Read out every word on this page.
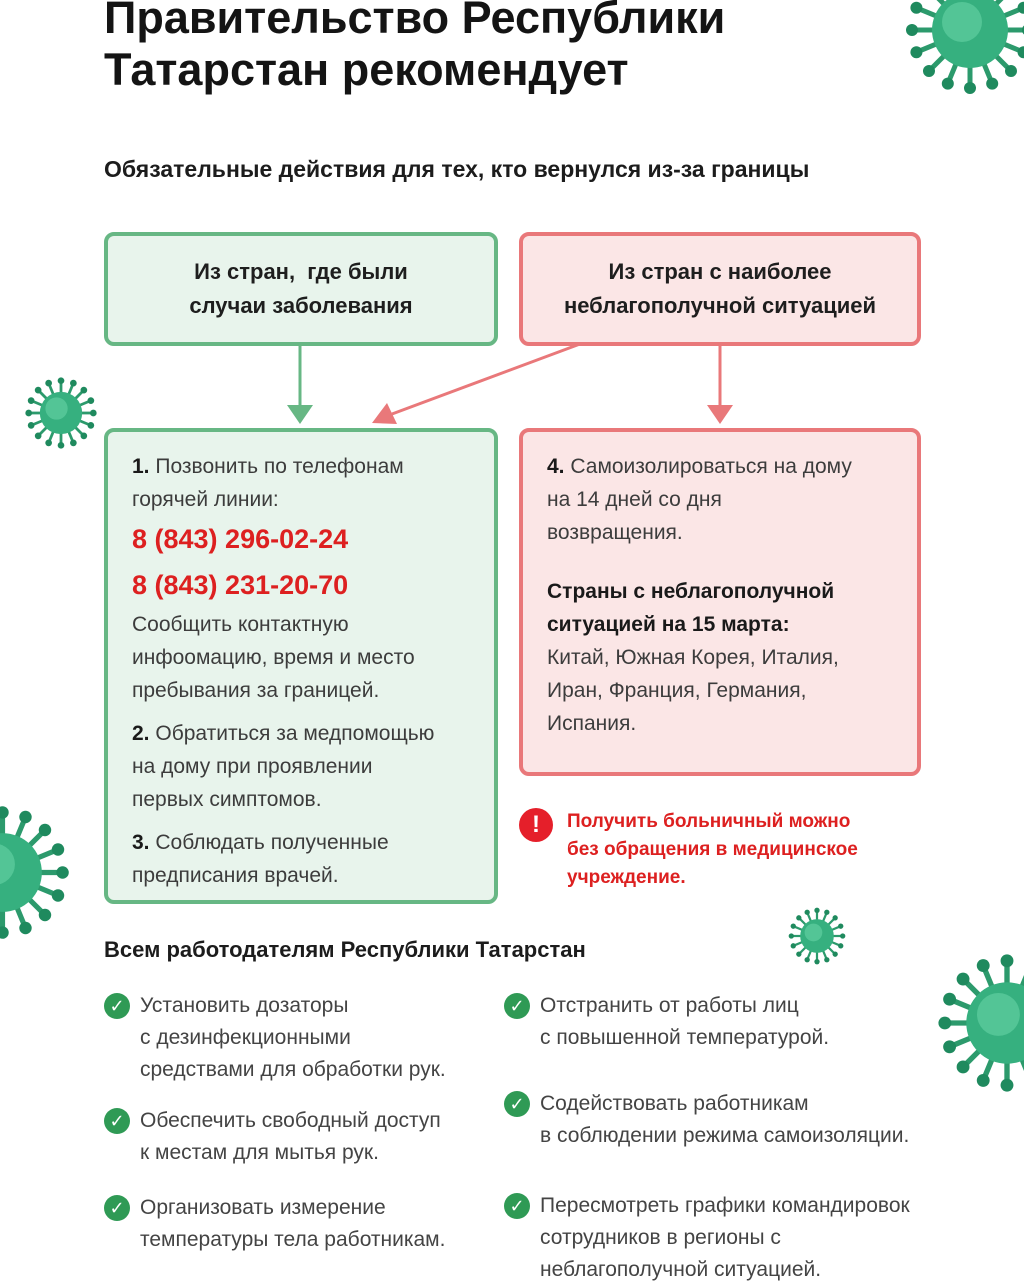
Правительство Республики
Татарстан рекомендует
Обязательные действия для тех, кто вернулся из-за границы
Из стран,  где были
случаи заболевания
Из стран с наиболее
неблагополучной ситуацией

1. Позвонить по телефонам

горячей линии:

8 (843) 296-02-24

8 (843) 231-20-70

Сообщить контактную

инфоомацию, время и место

пребывания за границей.

2. Обратиться за медпомощью

на дому при проявлении

первых симптомов.

3. Соблюдать полученные

предписания врачей.

4. Самоизолироваться на дому

на 14 дней со дня

возвращения.

Страны с неблагополучной

ситуацией на 15 марта:

Китай, Южная Корея, Италия,

Иран, Франция, Германия,

Испания.

!	Получить больничный можно
без обращения в медицинское
учреждение.
Всем работодателям Республики Татарстан
✓ Установить дозаторы
с дезинфекционными
средствами для обработки рук.
✓ Обеспечить свободный доступ
к местам для мытья рук.
✓ Организовать измерение
температуры тела работникам.
✓ Отстранить от работы лиц
с повышенной температурой.
✓ Содействовать работникам
в соблюдении режима самоизоляции.
✓ Пересмотреть графики командировок
сотрудников в регионы с
неблагополучной ситуацией.
